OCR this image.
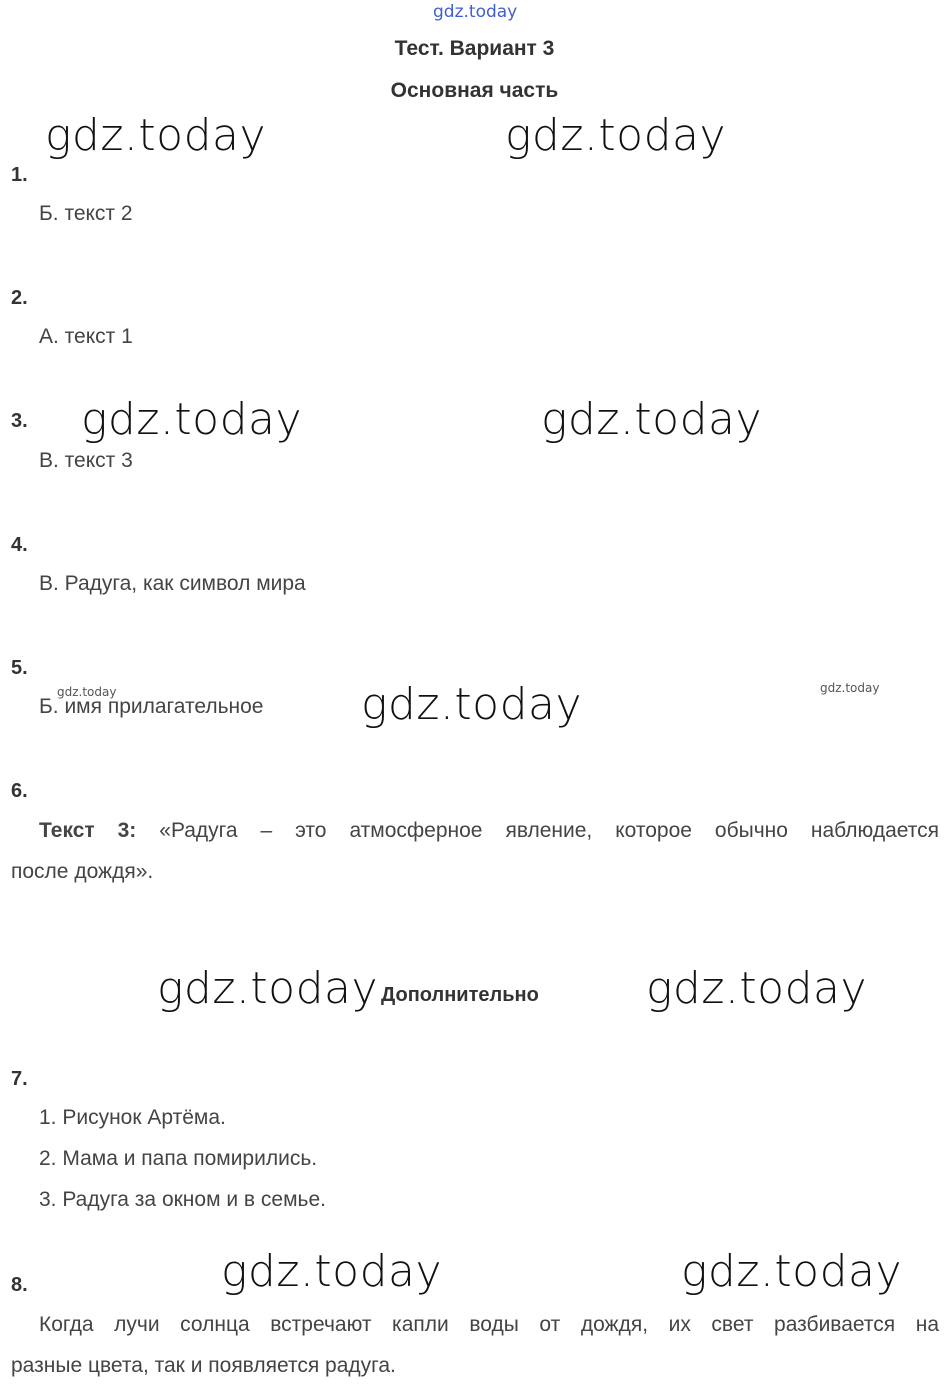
gdz.today
Тест. Вариант 3
Основная часть
gdz.today	gdz.today
gdz.today	gdz.today
gdz.today
gdz.today	gdz.today
gdz.today	gdz.today
gdz.today	gdz.today
1.
Б. текст 2
2.
А. текст 1
3.
В. текст 3
4.
В. Радуга, как символ мира
5.
Б. имя прилагательное
6.
Текст 3: «Радуга – это атмосферное явление, которое обычно наблюдается
после дождя».
Дополнительно
7.
1. Рисунок Артёма.
2. Мама и папа помирились.
3. Радуга за окном и в семье.
8.
Когда лучи солнца встречают капли воды от дождя, их свет разбивается на
разные цвета, так и появляется радуга.
